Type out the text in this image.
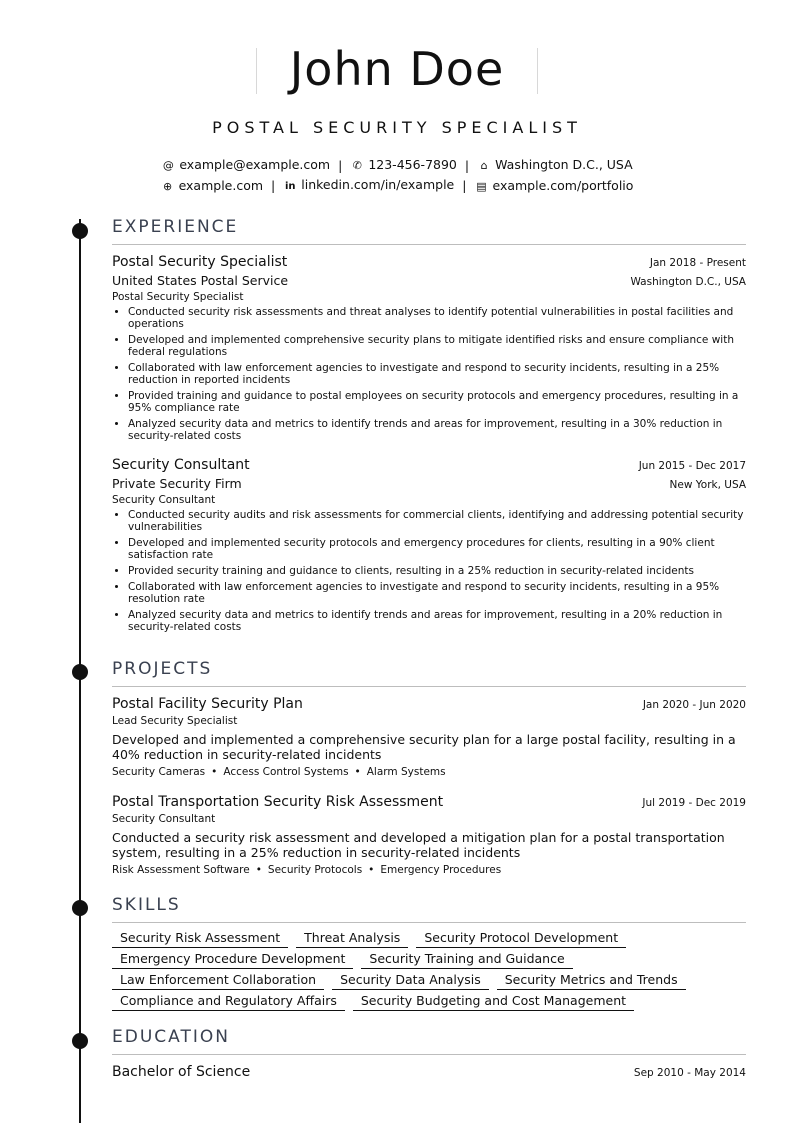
John Doe
POSTAL SECURITY SPECIALIST
@ example@example.com | ✆ 123-456-7890 |	⌂ Washington D.C., USA
⊕ example.com | in linkedin.com/in/example | ▤ example.com/portfolio
EXPERIENCE
Postal Security Specialist	Jan 2018 - Present
United States Postal Service	Washington D.C., USA
Postal Security Specialist
• Conducted security risk assessments and threat analyses to identify potential vulnerabilities in postal facilities and operations
• Developed and implemented comprehensive security plans to mitigate identified risks and ensure compliance with federal regulations
• Collaborated with law enforcement agencies to investigate and respond to security incidents, resulting in a 25% reduction in reported incidents
• Provided training and guidance to postal employees on security protocols and emergency procedures, resulting in a 95% compliance rate
• Analyzed security data and metrics to identify trends and areas for improvement, resulting in a 30% reduction in security-related costs
Security Consultant	Jun 2015 - Dec 2017
Private Security Firm	New York, USA
Security Consultant
• Conducted security audits and risk assessments for commercial clients, identifying and addressing potential security vulnerabilities
• Developed and implemented security protocols and emergency procedures for clients, resulting in a 90% client satisfaction rate
• Provided security training and guidance to clients, resulting in a 25% reduction in security-related incidents
• Collaborated with law enforcement agencies to investigate and respond to security incidents, resulting in a 95% resolution rate
• Analyzed security data and metrics to identify trends and areas for improvement, resulting in a 20% reduction in security-related costs
PROJECTS
Postal Facility Security Plan	Jan 2020 - Jun 2020
Lead Security Specialist
Developed and implemented a comprehensive security plan for a large postal facility, resulting in a 40% reduction in security-related incidents
Security Cameras • Access Control Systems • Alarm Systems
Postal Transportation Security Risk Assessment	Jul 2019 - Dec 2019
Security Consultant
Conducted a security risk assessment and developed a mitigation plan for a postal transportation system, resulting in a 25% reduction in security-related incidents
Risk Assessment Software • Security Protocols • Emergency Procedures
SKILLS
Security Risk Assessment	Threat Analysis	Security Protocol Development
Emergency Procedure Development	Security Training and Guidance
Law Enforcement Collaboration	Security Data Analysis	Security Metrics and Trends
Compliance and Regulatory Affairs	Security Budgeting and Cost Management
EDUCATION
Bachelor of Science	Sep 2010 - May 2014
